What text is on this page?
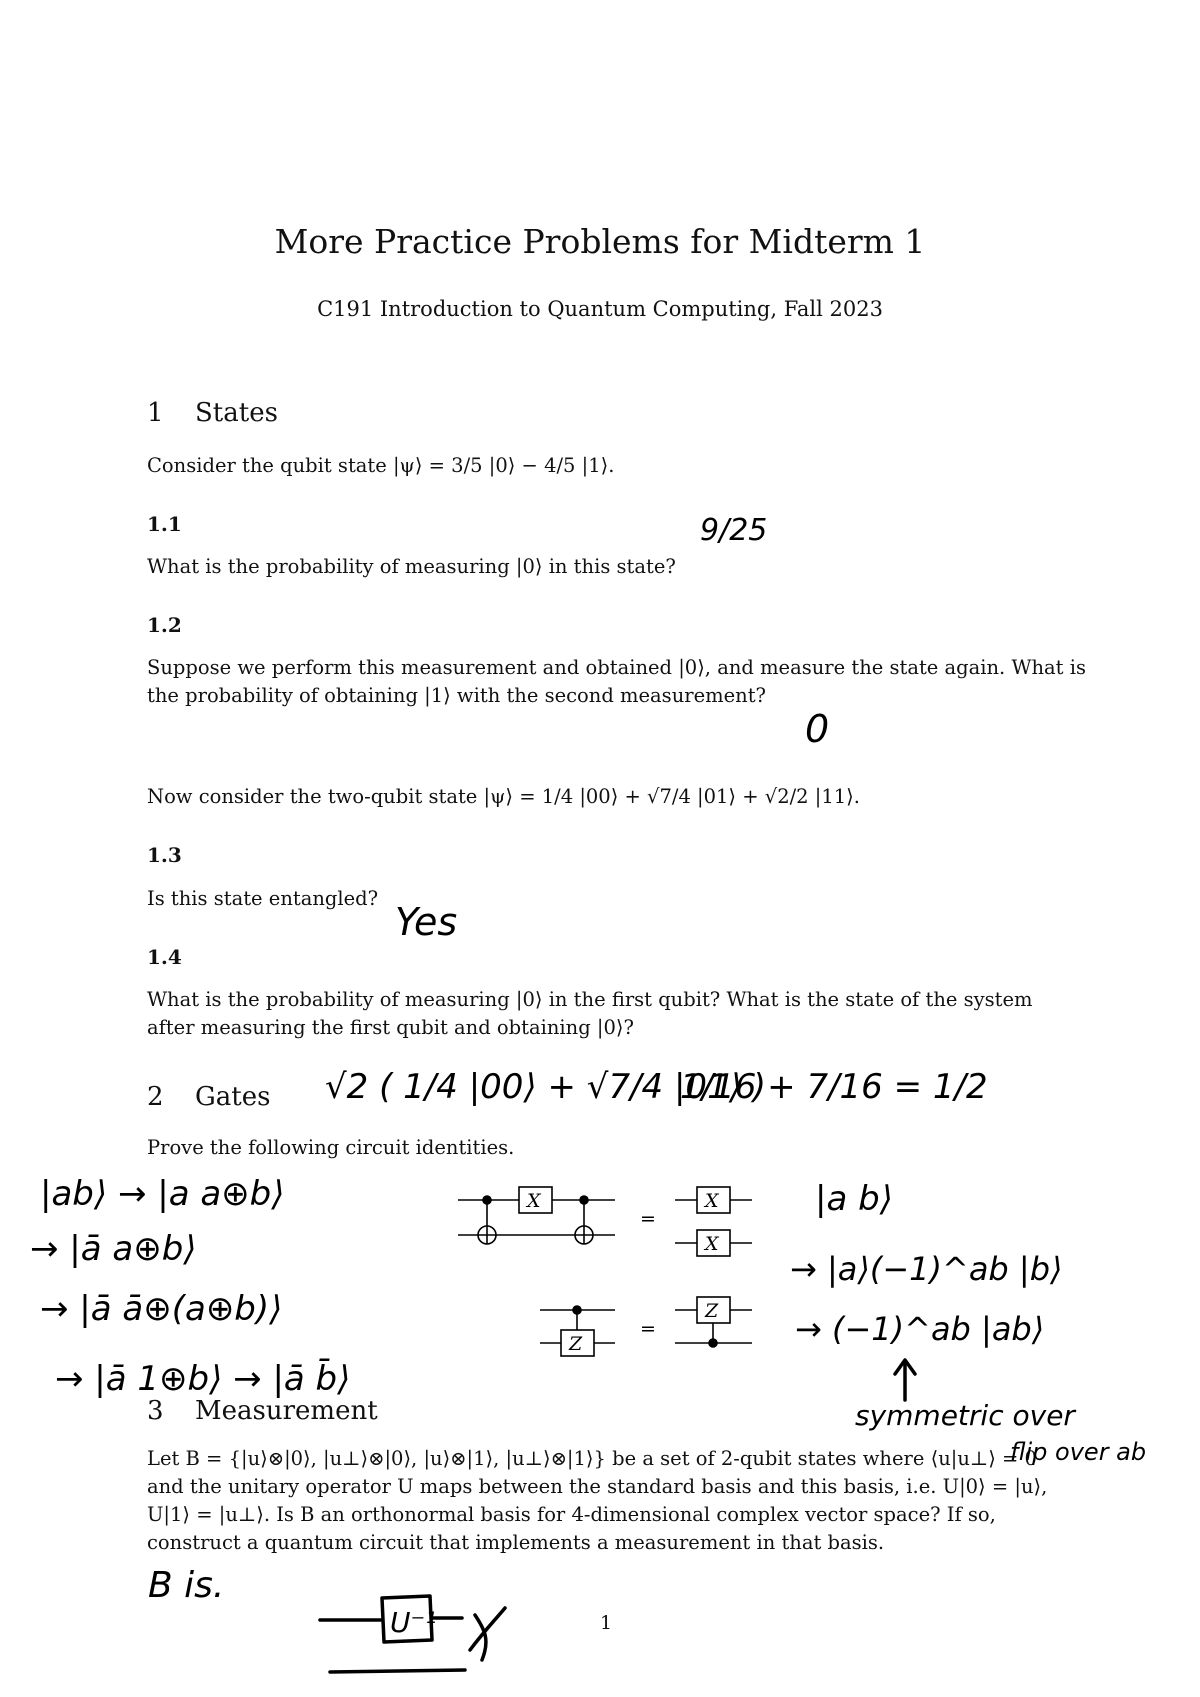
More Practice Problems for Midterm 1
C191 Introduction to Quantum Computing, Fall 2023
1 States
Consider the qubit state |ψ⟩ = 3/5 |0⟩ − 4/5 |1⟩.
1.1
What is the probability of measuring |0⟩ in this state?
1.2
Suppose we perform this measurement and obtained |0⟩, and measure the state again. What is
the probability of obtaining |1⟩ with the second measurement?
Now consider the two-qubit state |ψ⟩ = 1/4 |00⟩ + √7/4 |01⟩ + √2/2 |11⟩.
1.3
Is this state entangled?
1.4
What is the probability of measuring |0⟩ in the first qubit? What is the state of the system
after measuring the first qubit and obtaining |0⟩?
2 Gates
Prove the following circuit identities.
3 Measurement
Let B = {|u⟩⊗|0⟩, |u⊥⟩⊗|0⟩, |u⟩⊗|1⟩, |u⊥⟩⊗|1⟩} be a set of 2-qubit states where ⟨u|u⊥⟩ = 0
and the unitary operator U maps between the standard basis and this basis, i.e. U|0⟩ = |u⟩,
U|1⟩ = |u⊥⟩. Is B an orthonormal basis for 4-dimensional complex vector space? If so,
construct a quantum circuit that implements a measurement in that basis.
1
X
=
X
X
Z
=
Z
9/25
0
Yes
√2 ( 1/4 |00⟩ + √7/4 |01⟩ )
1/16 + 7/16 = 1/2
|ab⟩ → |a a⊕b⟩
→ |ā a⊕b⟩
→ |ā ā⊕(a⊕b)⟩
→ |ā 1⊕b⟩ → |ā b̄⟩
|a b⟩
→ |a⟩(−1)^ab |b⟩
→ (−1)^ab |ab⟩
symmetric over
flip over ab
B is.
U⁻¹
